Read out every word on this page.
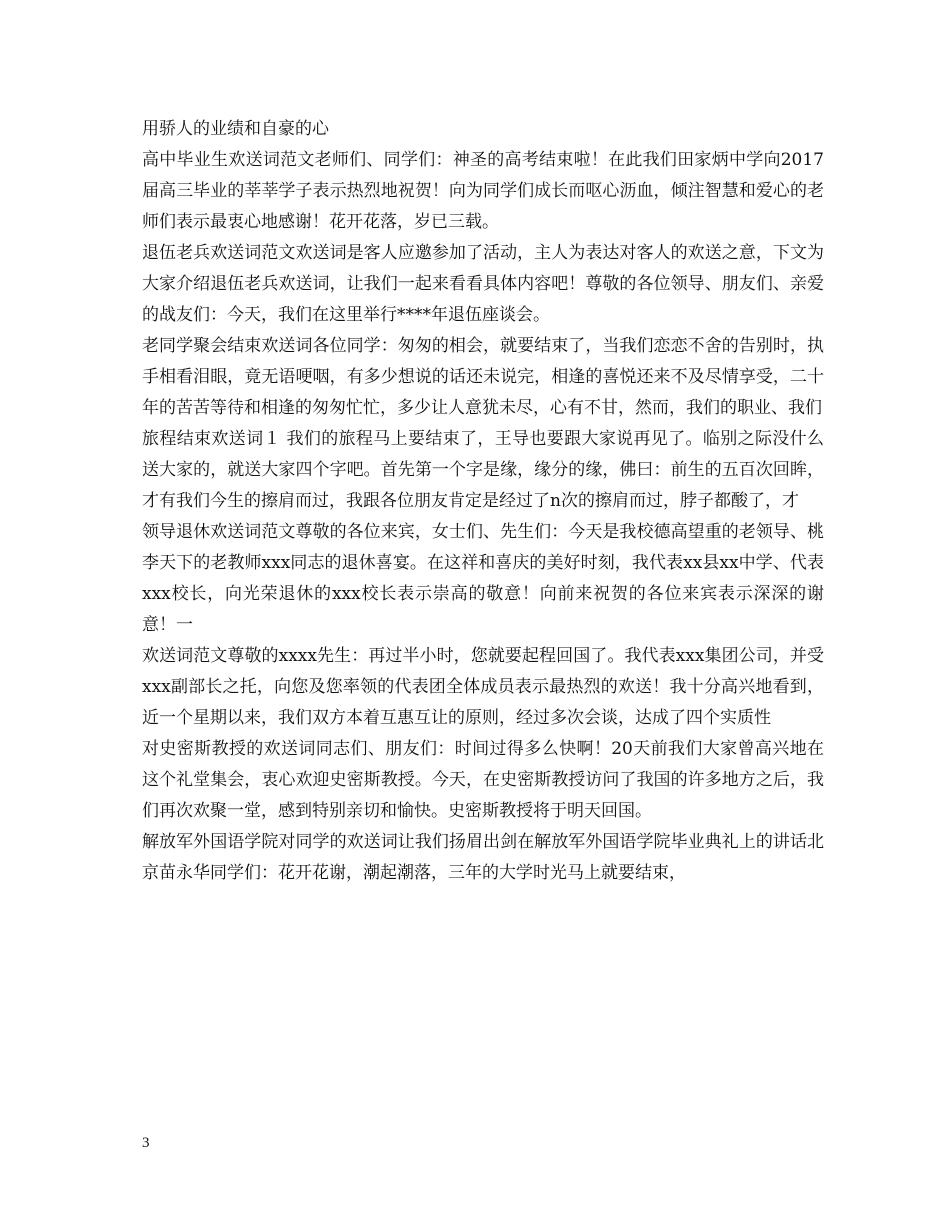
用骄人的业绩和自豪的心

高中毕业生欢送词范文老师们、同学们：神圣的高考结束啦！在此我们田家炳中学向2017届高三毕业的莘莘学子表示热烈地祝贺！向为同学们成长而呕心沥血，倾注智慧和爱心的老师们表示最衷心地感谢！花开花落，岁已三载。

退伍老兵欢送词范文欢送词是客人应邀参加了活动，主人为表达对客人的欢送之意，下文为大家介绍退伍老兵欢送词，让我们一起来看看具体内容吧！尊敬的各位领导、朋友们、亲爱的战友们：今天，我们在这里举行****年退伍座谈会。

老同学聚会结束欢送词各位同学：匆匆的相会，就要结束了，当我们恋恋不舍的告别时，执手相看泪眼，竟无语哽咽，有多少想说的话还未说完，相逢的喜悦还来不及尽情享受，二十年的苦苦等待和相逢的匆匆忙忙，多少让人意犹未尽，心有不甘，然而，我们的职业、我们

旅程结束欢送词１ 我们的旅程马上要结束了，王导也要跟大家说再见了。临别之际没什么送大家的，就送大家四个字吧。首先第一个字是缘，缘分的缘，佛曰：前生的五百次回眸，才有我们今生的擦肩而过，我跟各位朋友肯定是经过了n次的擦肩而过，脖子都酸了，才

领导退休欢送词范文尊敬的各位来宾，女士们、先生们：今天是我校德高望重的老领导、桃李天下的老教师xxx同志的退休喜宴。在这祥和喜庆的美好时刻，我代表xx县xx中学、代表xxx校长，向光荣退休的xxx校长表示崇高的敬意！向前来祝贺的各位来宾表示深深的谢意！一

欢送词范文尊敬的xxxx先生：再过半小时，您就要起程回国了。我代表xxx集团公司，并受xxx副部长之托，向您及您率领的代表团全体成员表示最热烈的欢送！我十分高兴地看到，近一个星期以来，我们双方本着互惠互让的原则，经过多次会谈，达成了四个实质性

对史密斯教授的欢送词同志们、朋友们：时间过得多么快啊！20天前我们大家曾高兴地在这个礼堂集会，衷心欢迎史密斯教授。今天，在史密斯教授访问了我国的许多地方之后，我们再次欢聚一堂，感到特别亲切和愉快。史密斯教授将于明天回国。

解放军外国语学院对同学的欢送词让我们扬眉出剑在解放军外国语学院毕业典礼上的讲话北京苗永华同学们：花开花谢，潮起潮落，三年的大学时光马上就要结束，

3
